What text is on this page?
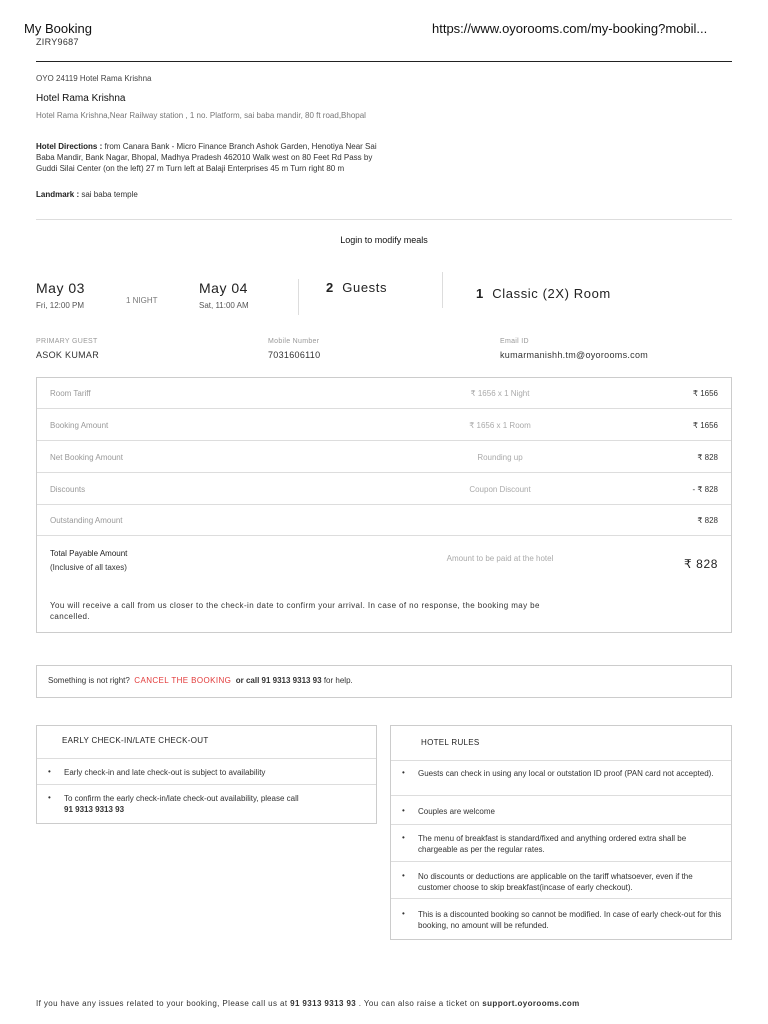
My Booking	https://www.oyorooms.com/my-booking?mobil...
ZIRY9687
OYO 24119 Hotel Rama Krishna
Hotel Rama Krishna
Hotel Rama Krishna,Near Railway station , 1 no. Platform, sai baba mandir, 80 ft road,Bhopal
Hotel Directions : from Canara Bank - Micro Finance Branch Ashok Garden, Henotiya Near Sai Baba Mandir, Bank Nagar, Bhopal, Madhya Pradesh 462010 Walk west on 80 Feet Rd Pass by Guddi Silai Center (on the left) 27 m Turn left at Balaji Enterprises 45 m Turn right 80 m
Landmark : sai baba temple
Login to modify meals
May 03
Fri, 12:00 PM
1 NIGHT
May 04
Sat, 11:00 AM
2 Guests	1 Classic (2X) Room
PRIMARY GUEST
ASOK KUMAR
Mobile Number
7031606110
Email ID
kumarmanishh.tm@oyorooms.com
Room Tariff	₹ 1656 x 1 Night	₹ 1656
Booking Amount	₹ 1656 x 1 Room	₹ 1656
Net Booking Amount	Rounding up	₹ 828
Discounts	Coupon Discount	- ₹ 828
Outstanding Amount	₹ 828
Total Payable Amount
(Inclusive of all taxes)
Amount to be paid at the hotel	₹ 828
You will receive a call from us closer to the check-in date to confirm your arrival. In case of no response, the booking may be cancelled.
Something is not right? CANCEL THE BOOKING or call 91 9313 9313 93 for help.
EARLY CHECK-IN/LATE CHECK-OUT
• Early check-in and late check-out is subject to availability
• To confirm the early check-in/late check-out availability, please call
91 9313 9313 93
HOTEL RULES
• Guests can check in using any local or outstation ID proof (PAN card not accepted).
• Couples are welcome
• The menu of breakfast is standard/fixed and anything ordered extra shall be chargeable as per the regular rates.
• No discounts or deductions are applicable on the tariff whatsoever, even if the customer choose to skip breakfast(incase of early checkout).
• This is a discounted booking so cannot be modified. In case of early check-out for this booking, no amount will be refunded.
If you have any issues related to your booking, Please call us at 91 9313 9313 93 . You can also raise a ticket on support.oyorooms.com
